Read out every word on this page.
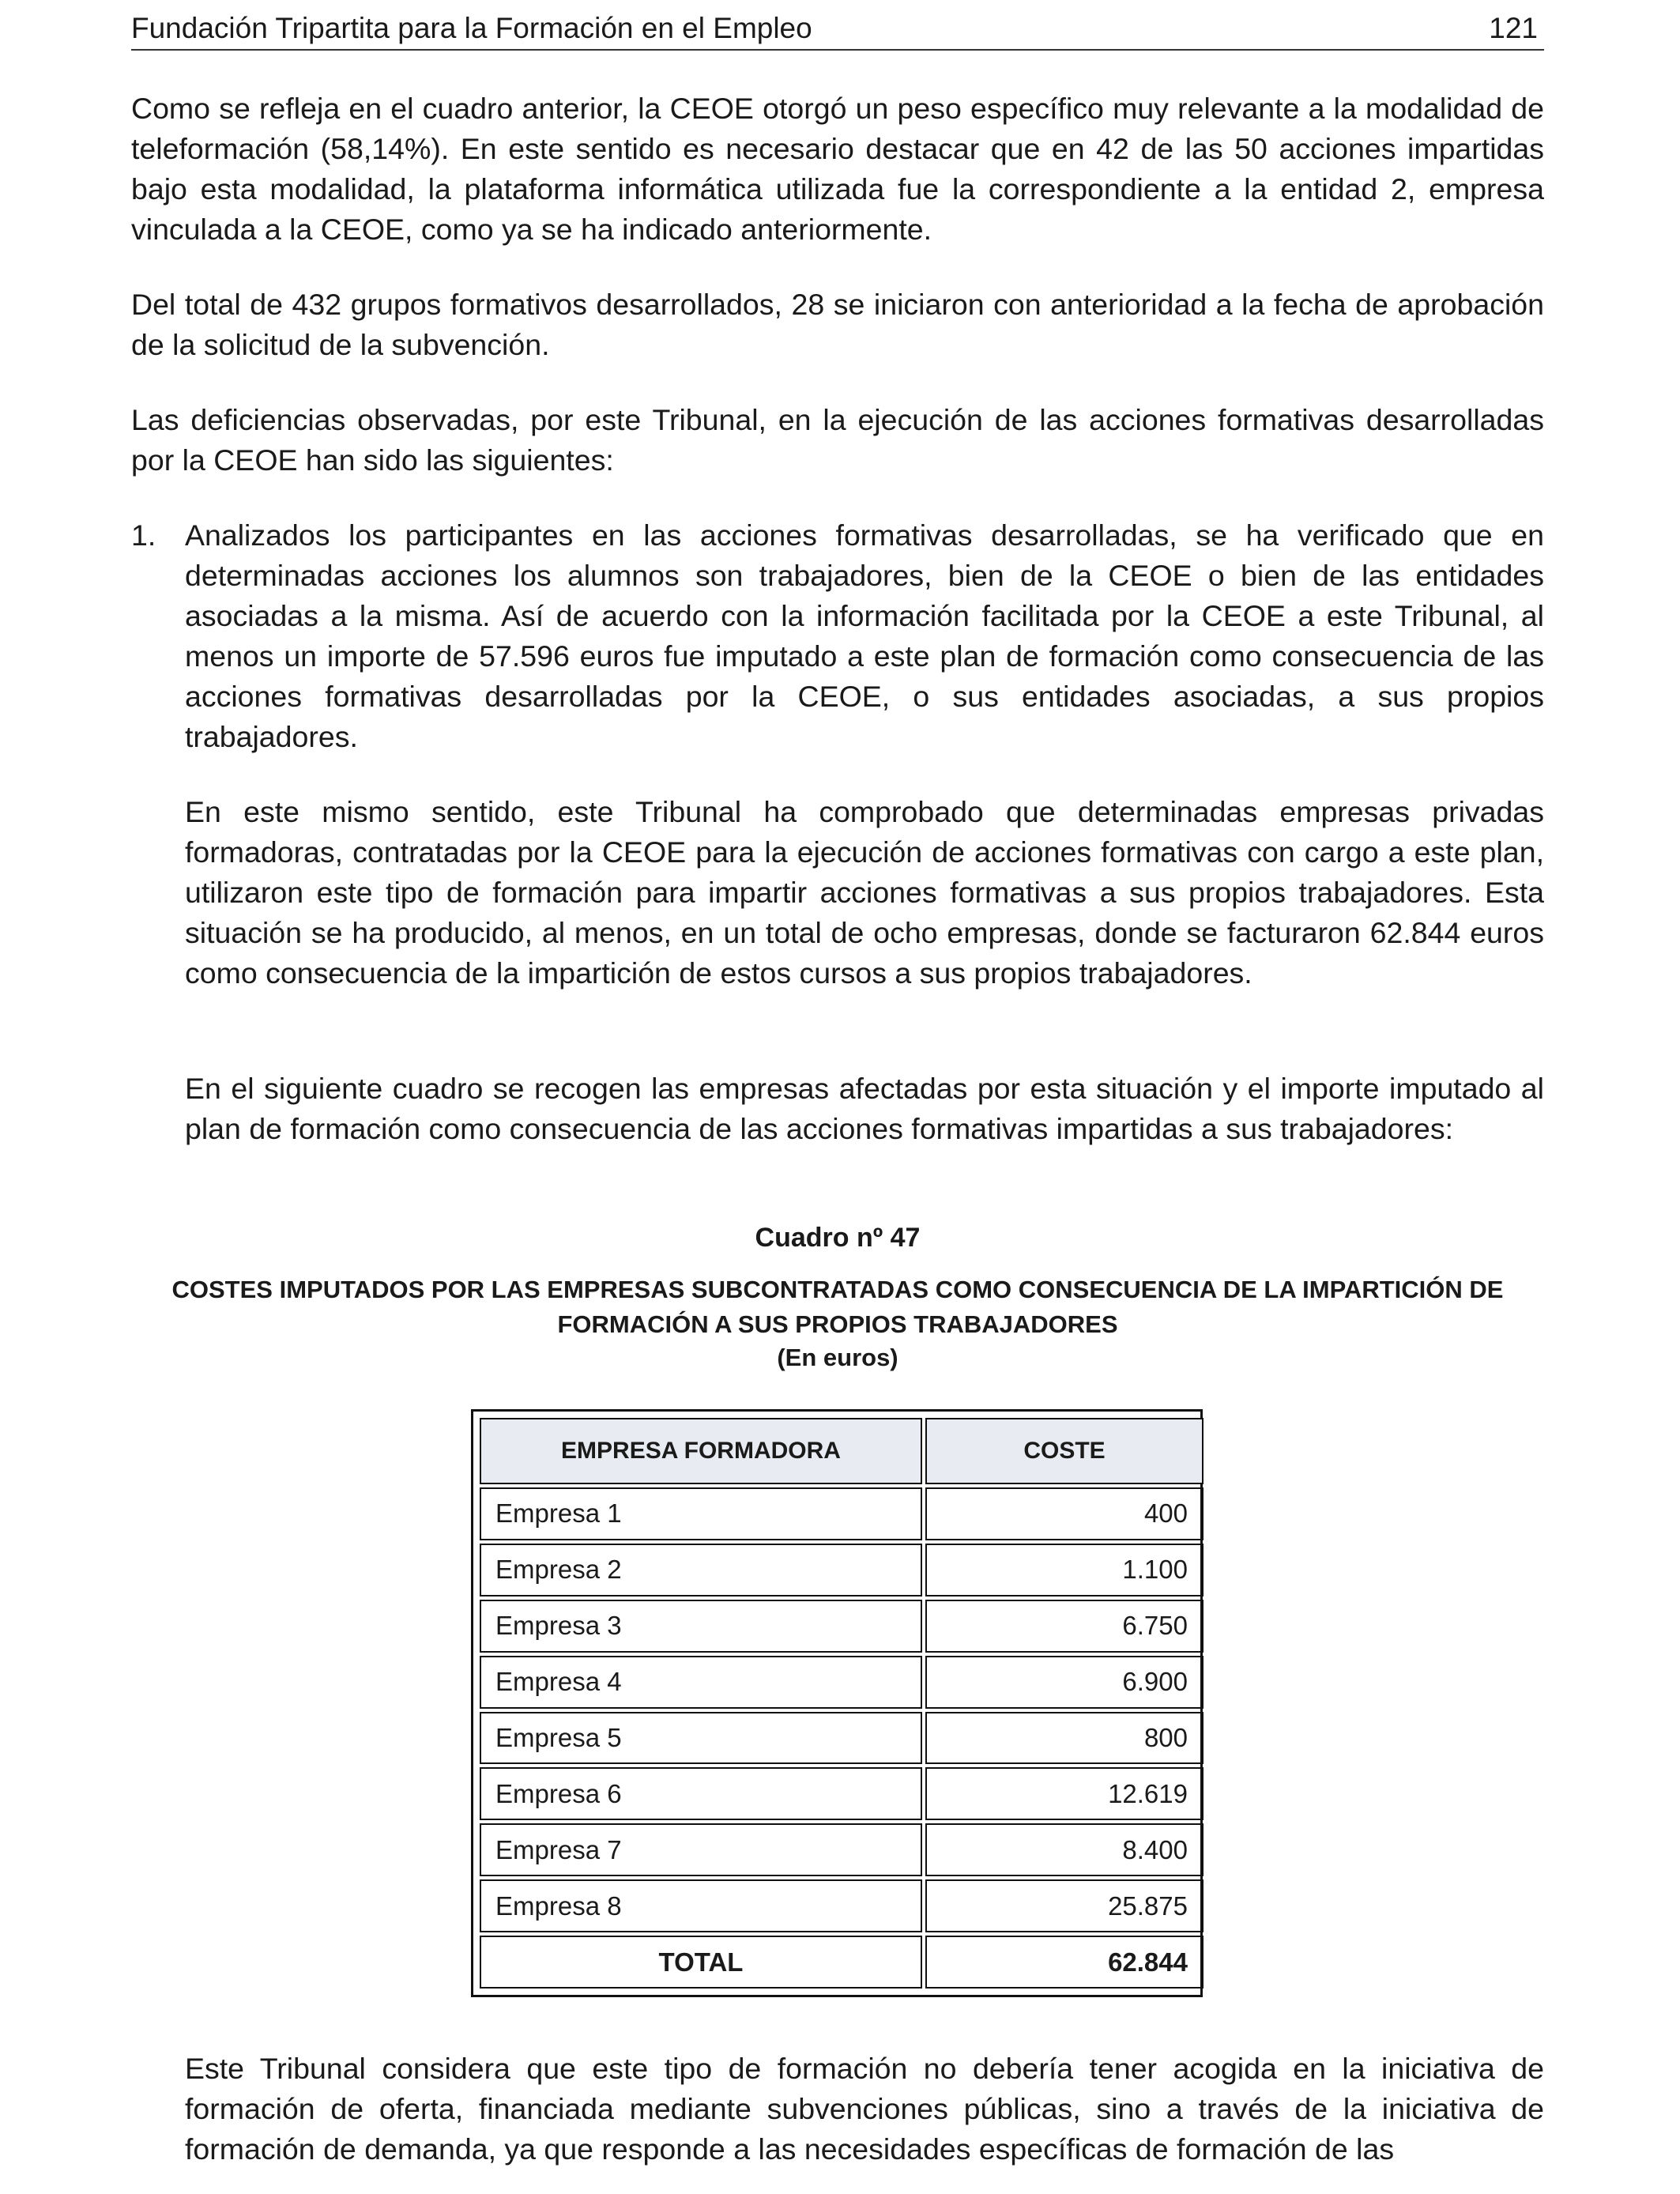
Fundación Tripartita para la Formación en el Empleo	121

Como se refleja en el cuadro anterior, la CEOE otorgó un peso específico muy relevante a la modalidad de teleformación (58,14%). En este sentido es necesario destacar que en 42 de las 50 acciones impartidas bajo esta modalidad, la plataforma informática utilizada fue la correspondiente a la entidad 2, empresa vinculada a la CEOE, como ya se ha indicado anteriormente.

Del total de 432 grupos formativos desarrollados, 28 se iniciaron con anterioridad a la fecha de aprobación de la solicitud de la subvención.

Las deficiencias observadas, por este Tribunal, en la ejecución de las acciones formativas desarrolladas por la CEOE han sido las siguientes:

1. Analizados los participantes en las acciones formativas desarrolladas, se ha verificado que en determinadas acciones los alumnos son trabajadores, bien de la CEOE o bien de las entidades asociadas a la misma. Así de acuerdo con la información facilitada por la CEOE a este Tribunal, al menos un importe de 57.596 euros fue imputado a este plan de formación como consecuencia de las acciones formativas desarrolladas por la CEOE, o sus entidades asociadas, a sus propios trabajadores.

En este mismo sentido, este Tribunal ha comprobado que determinadas empresas privadas formadoras, contratadas por la CEOE para la ejecución de acciones formativas con cargo a este plan, utilizaron este tipo de formación para impartir acciones formativas a sus propios trabajadores. Esta situación se ha producido, al menos, en un total de ocho empresas, donde se facturaron 62.844 euros como consecuencia de la impartición de estos cursos a sus propios trabajadores.

En el siguiente cuadro se recogen las empresas afectadas por esta situación y el importe imputado al plan de formación como consecuencia de las acciones formativas impartidas a sus trabajadores:

Cuadro nº 47
COSTES IMPUTADOS POR LAS EMPRESAS SUBCONTRATADAS COMO CONSECUENCIA DE LA IMPARTICIÓN DE FORMACIÓN A SUS PROPIOS TRABAJADORES
(En euros)
EMPRESA FORMADORA	COSTE
Empresa 1	400
Empresa 2	1.100
Empresa 3	6.750
Empresa 4	6.900
Empresa 5	800
Empresa 6	12.619
Empresa 7	8.400
Empresa 8	25.875
TOTAL	62.844

Este Tribunal considera que este tipo de formación no debería tener acogida en la iniciativa de formación de oferta, financiada mediante subvenciones públicas, sino a través de la iniciativa de formación de demanda, ya que responde a las necesidades específicas de formación de las
